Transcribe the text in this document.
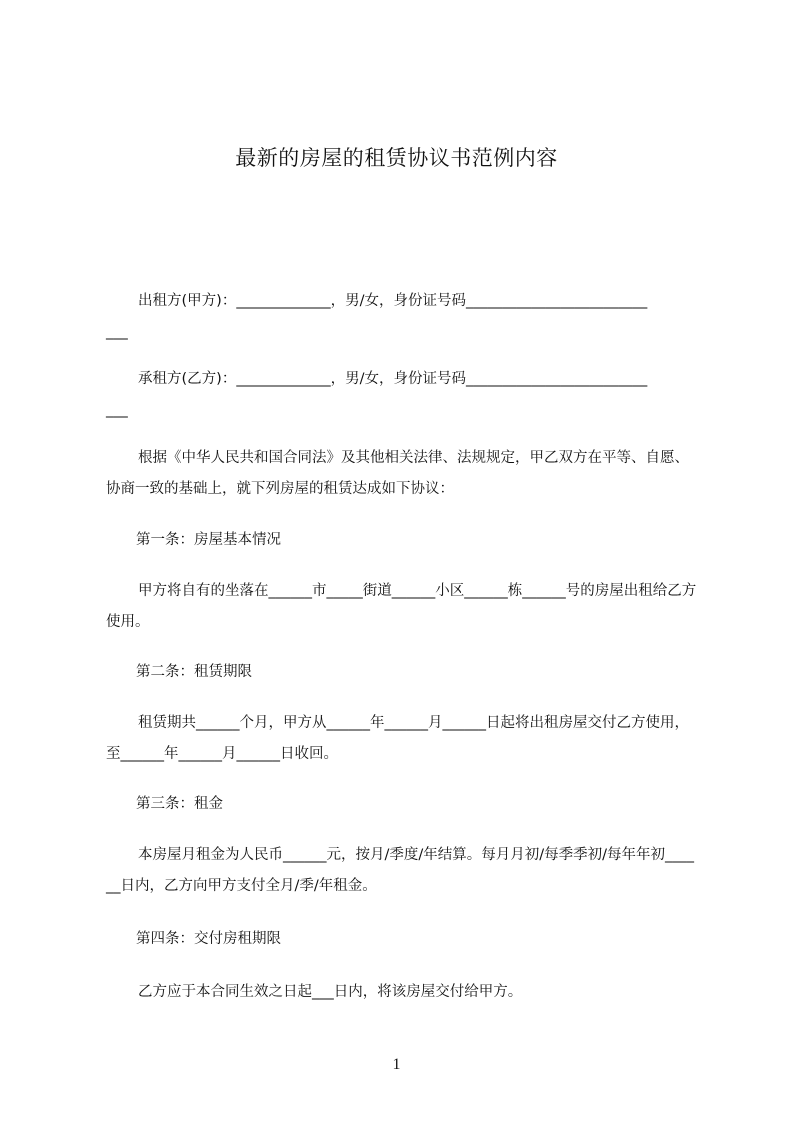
最新的房屋的租赁协议书范例内容

出租方(甲方)：_____________，男/女，身份证号码_________________________

___

承租方(乙方)：_____________，男/女，身份证号码_________________________

___

根据《中华人民共和国合同法》及其他相关法律、法规规定，甲乙双方在平等、自愿、协商一致的基础上，就下列房屋的租赁达成如下协议：

第一条：房屋基本情况

甲方将自有的坐落在______市_____街道______小区______栋______号的房屋出租给乙方使用。

第二条：租赁期限

租赁期共______个月，甲方从______年______月______日起将出租房屋交付乙方使用，至______年______月______日收回。

第三条：租金

本房屋月租金为人民币______元，按月/季度/年结算。每月月初/每季季初/每年年初______日内，乙方向甲方支付全月/季/年租金。

第四条：交付房租期限

乙方应于本合同生效之日起___日内，将该房屋交付给甲方。

1
